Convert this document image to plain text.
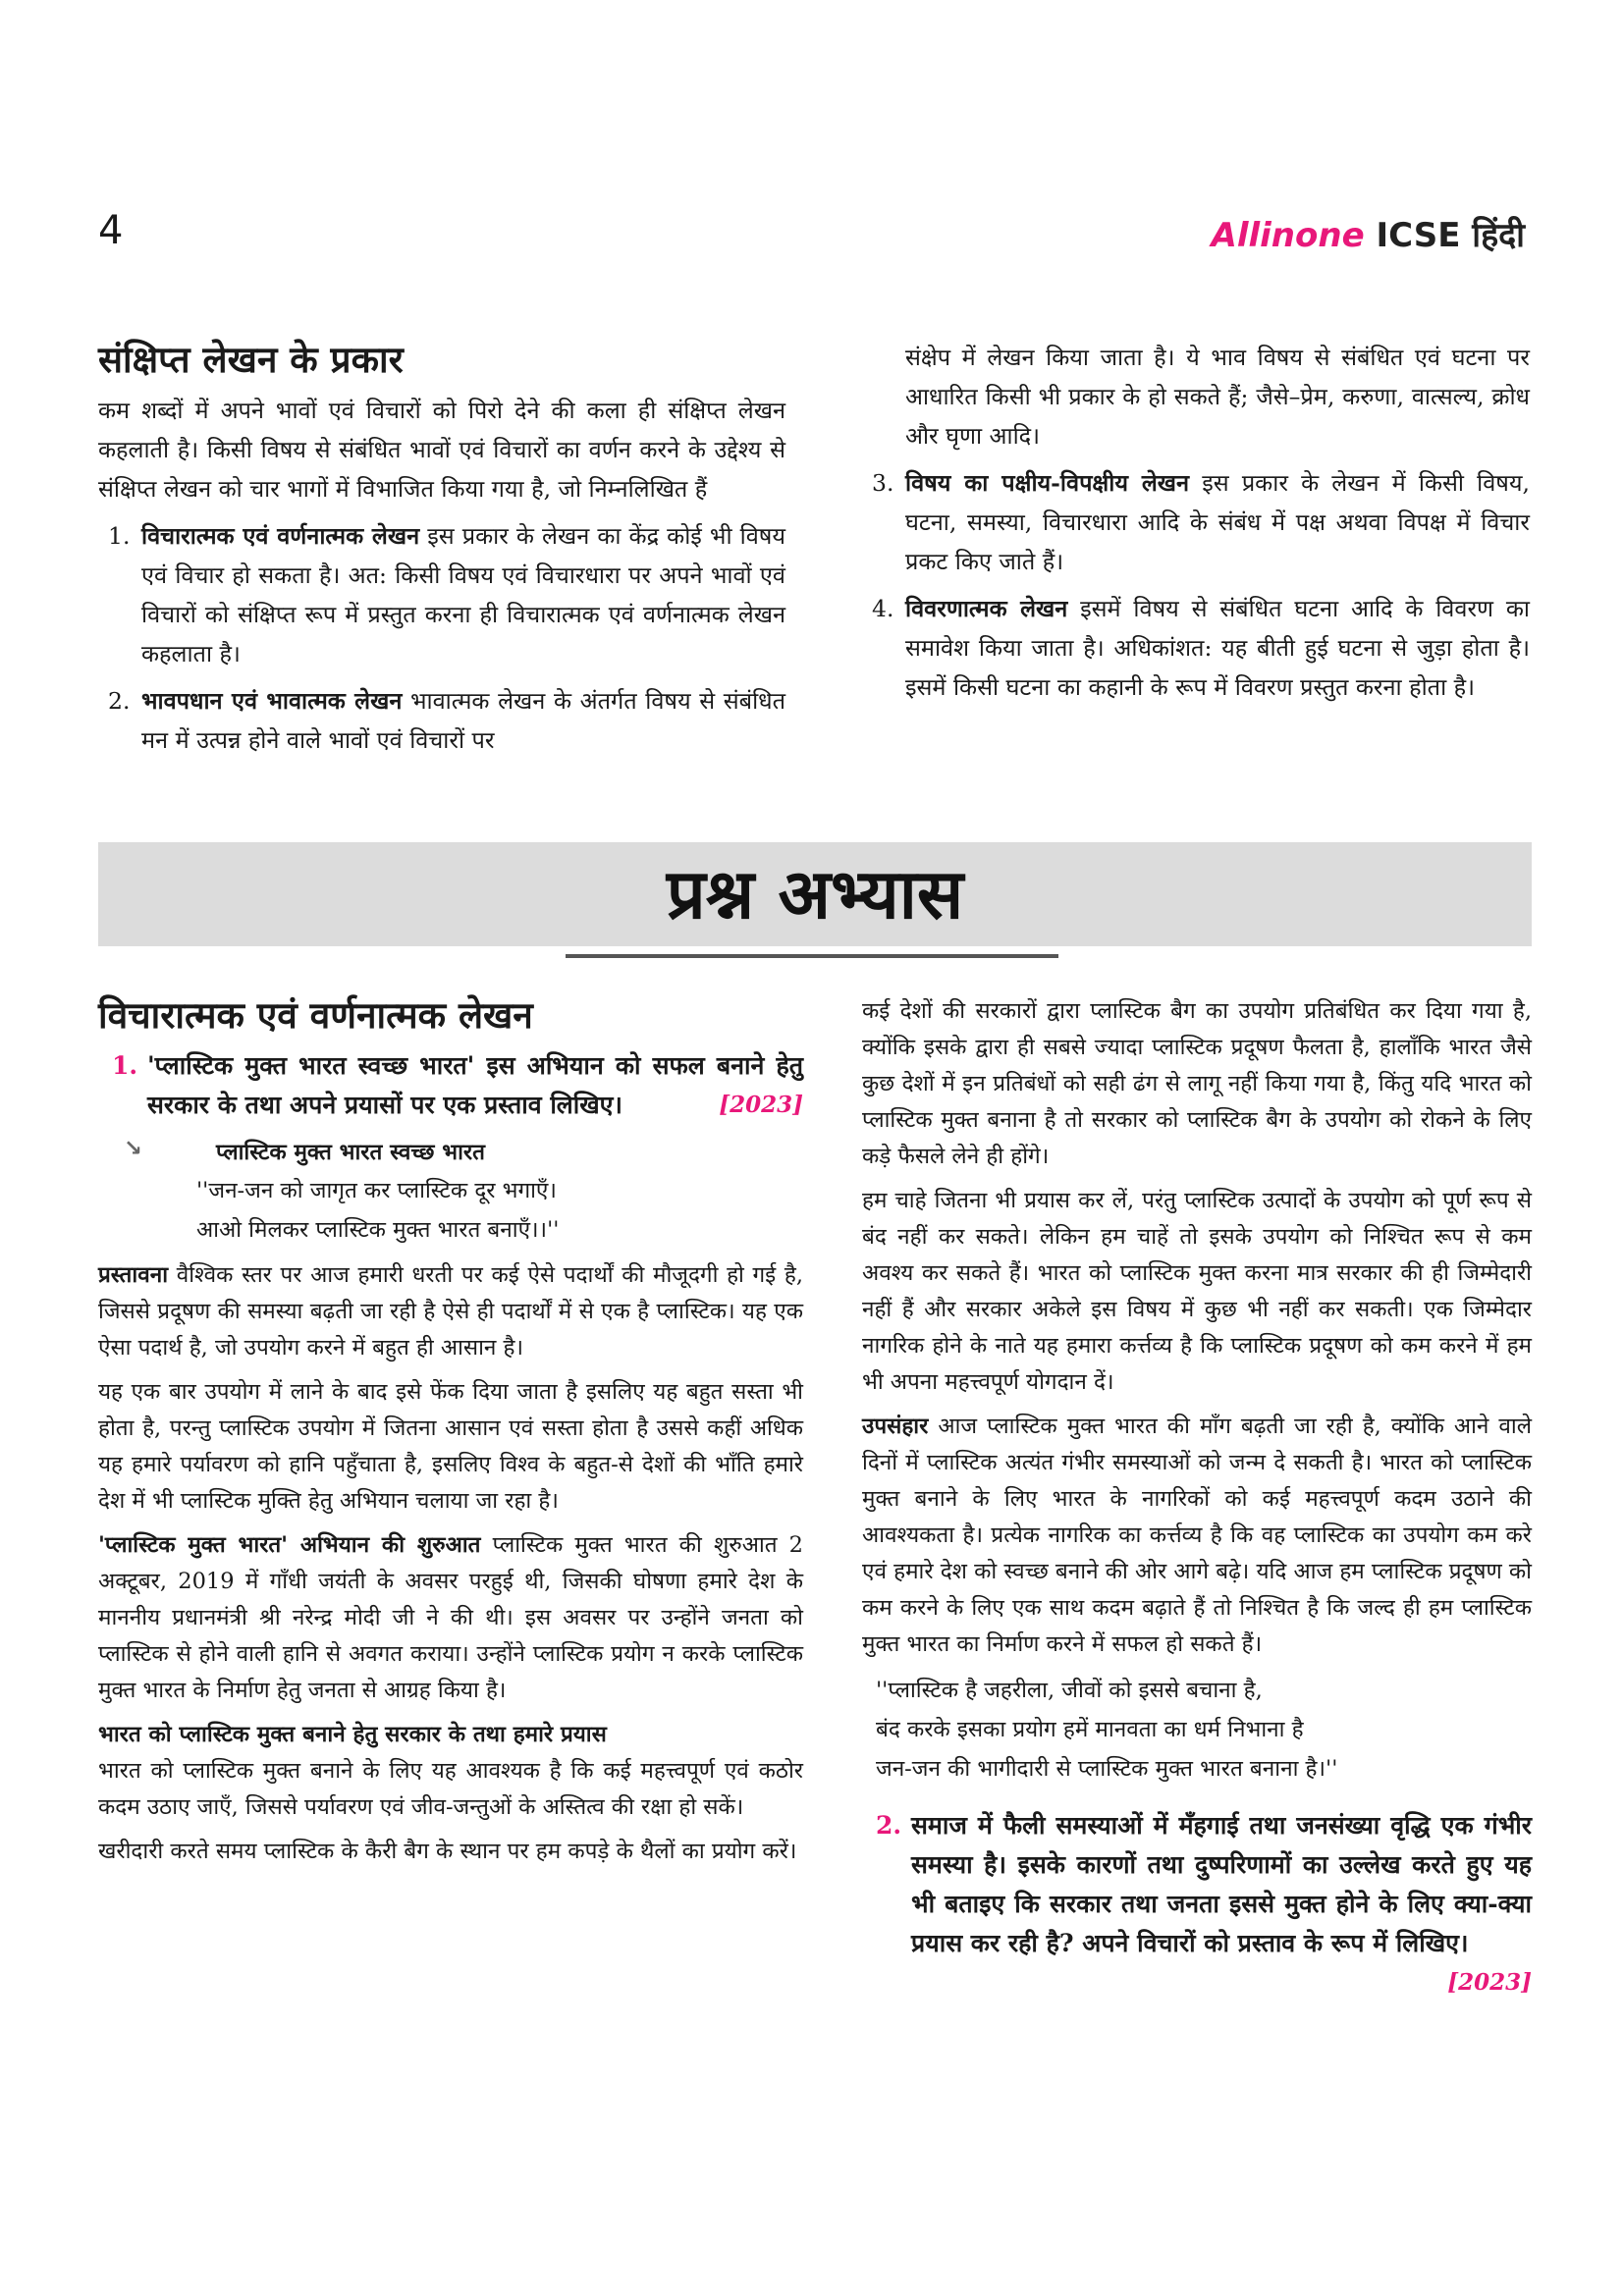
4	Allinone ICSE हिंदी
संक्षिप्त लेखन के प्रकार

कम शब्दों में अपने भावों एवं विचारों को पिरो देने की कला ही संक्षिप्त लेखन कहलाती है। किसी विषय से संबंधित भावों एवं विचारों का वर्णन करने के उद्देश्य से संक्षिप्त लेखन को चार भागों में विभाजित किया गया है, जो निम्नलिखित हैं

1. विचारात्मक एवं वर्णनात्मक लेखन इस प्रकार के लेखन का केंद्र कोई भी विषय एवं विचार हो सकता है। अत: किसी विषय एवं विचारधारा पर अपने भावों एवं विचारों को संक्षिप्त रूप में प्रस्तुत करना ही विचारात्मक एवं वर्णनात्मक लेखन कहलाता है।
2. भावपधान एवं भावात्मक लेखन भावात्मक लेखन के अंतर्गत विषय से संबंधित मन में उत्पन्न होने वाले भावों एवं विचारों पर
संक्षेप में लेखन किया जाता है। ये भाव विषय से संबंधित एवं घटना पर आधारित किसी भी प्रकार के हो सकते हैं; जैसे–प्रेम, करुणा, वात्सल्य, क्रोध और घृणा आदि।
3. विषय का पक्षीय-विपक्षीय लेखन इस प्रकार के लेखन में किसी विषय, घटना, समस्या, विचारधारा आदि के संबंध में पक्ष अथवा विपक्ष में विचार प्रकट किए जाते हैं।
4. विवरणात्मक लेखन इसमें विषय से संबंधित घटना आदि के विवरण का समावेश किया जाता है। अधिकांशत: यह बीती हुई घटना से जुड़ा होता है। इसमें किसी घटना का कहानी के रूप में विवरण प्रस्तुत करना होता है।
प्रश्न अभ्यास
विचारात्मक एवं वर्णनात्मक लेखन
1. 'प्लास्टिक मुक्त भारत स्वच्छ भारत' इस अभियान को सफल बनाने हेतु सरकार के तथा अपने प्रयासों पर एक प्रस्ताव लिखिए।	[2023]
↘	प्लास्टिक मुक्त भारत स्वच्छ भारत
''जन-जन को जागृत कर प्लास्टिक दूर भगाएँ।
आओ मिलकर प्लास्टिक मुक्त भारत बनाएँ।।''

प्रस्तावना वैश्विक स्तर पर आज हमारी धरती पर कई ऐसे पदार्थों की मौजूदगी हो गई है, जिससे प्रदूषण की समस्या बढ़ती जा रही है ऐसे ही पदार्थों में से एक है प्लास्टिक। यह एक ऐसा पदार्थ है, जो उपयोग करने में बहुत ही आसान है।

यह एक बार उपयोग में लाने के बाद इसे फेंक दिया जाता है इसलिए यह बहुत सस्ता भी होता है, परन्तु प्लास्टिक उपयोग में जितना आसान एवं सस्ता होता है उससे कहीं अधिक यह हमारे पर्यावरण को हानि पहुँचाता है, इसलिए विश्व के बहुत-से देशों की भाँति हमारे देश में भी प्लास्टिक मुक्ति हेतु अभियान चलाया जा रहा है।

'प्लास्टिक मुक्त भारत' अभियान की शुरुआत प्लास्टिक मुक्त भारत की शुरुआत 2 अक्टूबर, 2019 में गाँधी जयंती के अवसर परहुई थी, जिसकी घोषणा हमारे देश के माननीय प्रधानमंत्री श्री नरेन्द्र मोदी जी ने की थी। इस अवसर पर उन्होंने जनता को प्लास्टिक से होने वाली हानि से अवगत कराया। उन्होंने प्लास्टिक प्रयोग न करके प्लास्टिक मुक्त भारत के निर्माण हेतु जनता से आग्रह किया है।

भारत को प्लास्टिक मुक्त बनाने हेतु सरकार के तथा हमारे प्रयास
भारत को प्लास्टिक मुक्त बनाने के लिए यह आवश्यक है कि कई महत्त्वपूर्ण एवं कठोर कदम उठाए जाएँ, जिससे पर्यावरण एवं जीव-जन्तुओं के अस्तित्व की रक्षा हो सकें।

खरीदारी करते समय प्लास्टिक के कैरी बैग के स्थान पर हम कपड़े के थैलों का प्रयोग करें।

कई देशों की सरकारों द्वारा प्लास्टिक बैग का उपयोग प्रतिबंधित कर दिया गया है, क्योंकि इसके द्वारा ही सबसे ज्यादा प्लास्टिक प्रदूषण फैलता है, हालाँकि भारत जैसे कुछ देशों में इन प्रतिबंधों को सही ढंग से लागू नहीं किया गया है, किंतु यदि भारत को प्लास्टिक मुक्त बनाना है तो सरकार को प्लास्टिक बैग के उपयोग को रोकने के लिए कड़े फैसले लेने ही होंगे।

हम चाहे जितना भी प्रयास कर लें, परंतु प्लास्टिक उत्पादों के उपयोग को पूर्ण रूप से बंद नहीं कर सकते। लेकिन हम चाहें तो इसके उपयोग को निश्चित रूप से कम अवश्य कर सकते हैं। भारत को प्लास्टिक मुक्त करना मात्र सरकार की ही जिम्मेदारी नहीं हैं और सरकार अकेले इस विषय में कुछ भी नहीं कर सकती। एक जिम्मेदार नागरिक होने के नाते यह हमारा कर्त्तव्य है कि प्लास्टिक प्रदूषण को कम करने में हम भी अपना महत्त्वपूर्ण योगदान दें।

उपसंहार आज प्लास्टिक मुक्त भारत की माँग बढ़ती जा रही है, क्योंकि आने वाले दिनों में प्लास्टिक अत्यंत गंभीर समस्याओं को जन्म दे सकती है। भारत को प्लास्टिक मुक्त बनाने के लिए भारत के नागरिकों को कई महत्त्वपूर्ण कदम उठाने की आवश्यकता है। प्रत्येक नागरिक का कर्त्तव्य है कि वह प्लास्टिक का उपयोग कम करे एवं हमारे देश को स्वच्छ बनाने की ओर आगे बढ़े। यदि आज हम प्लास्टिक प्रदूषण को कम करने के लिए एक साथ कदम बढ़ाते हैं तो निश्चित है कि जल्द ही हम प्लास्टिक मुक्त भारत का निर्माण करने में सफल हो सकते हैं।

''प्लास्टिक है जहरीला, जीवों को इससे बचाना है,
बंद करके इसका प्रयोग हमें मानवता का धर्म निभाना है
जन-जन की भागीदारी से प्लास्टिक मुक्त भारत बनाना है।''
2. समाज में फैली समस्याओं में मँहगाई तथा जनसंख्या वृद्धि एक गंभीर समस्या है। इसके कारणों तथा दुष्परिणामों का उल्लेख करते हुए यह भी बताइए कि सरकार तथा जनता इससे मुक्त होने के लिए क्या-क्या प्रयास कर रही है? अपने विचारों को प्रस्ताव के रूप में लिखिए।
[2023]
